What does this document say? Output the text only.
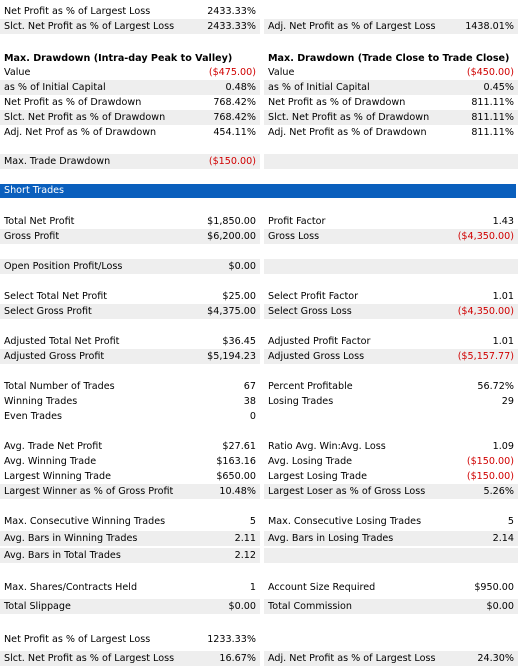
Net Profit as % of Largest Loss	2433.33%
Slct. Net Profit as % of Largest Loss	2433.33% Adj. Net Profit as % of Largest Loss	1438.01%
Max. Drawdown (Intra-day Peak to Valley)	Max. Drawdown (Trade Close to Trade Close)
Value	($475.00) Value	($450.00)
as % of Initial Capital	0.48% as % of Initial Capital	0.45%
Net Profit as % of Drawdown	768.42% Net Profit as % of Drawdown	811.11%
Slct. Net Profit as % of Drawdown	768.42% Slct. Net Profit as % of Drawdown	811.11%
Adj. Net Prof as % of Drawdown	454.11% Adj. Net Profit as % of Drawdown	811.11%
Max. Trade Drawdown	($150.00)
Short Trades
Total Net Profit	$1,850.00 Profit Factor	1.43
Gross Profit	$6,200.00 Gross Loss	($4,350.00)
Open Position Profit/Loss	$0.00
Select Total Net Profit	$25.00 Select Profit Factor	1.01
Select Gross Profit	$4,375.00 Select Gross Loss	($4,350.00)
Adjusted Total Net Profit	$36.45 Adjusted Profit Factor	1.01
Adjusted Gross Profit	$5,194.23 Adjusted Gross Loss	($5,157.77)
Total Number of Trades	67 Percent Profitable	56.72%
Winning Trades	38 Losing Trades	29
Even Trades	0
Avg. Trade Net Profit	$27.61 Ratio Avg. Win:Avg. Loss	1.09
Avg. Winning Trade	$163.16 Avg. Losing Trade	($150.00)
Largest Winning Trade	$650.00 Largest Losing Trade	($150.00)
Largest Winner as % of Gross Profit	10.48% Largest Loser as % of Gross Loss	5.26%
Max. Consecutive Winning Trades	5 Max. Consecutive Losing Trades	5
Avg. Bars in Winning Trades	2.11 Avg. Bars in Losing Trades	2.14
Avg. Bars in Total Trades	2.12
Max. Shares/Contracts Held	1 Account Size Required	$950.00
Total Slippage	$0.00 Total Commission	$0.00
Net Profit as % of Largest Loss	1233.33%
Slct. Net Profit as % of Largest Loss	16.67% Adj. Net Profit as % of Largest Loss	24.30%
